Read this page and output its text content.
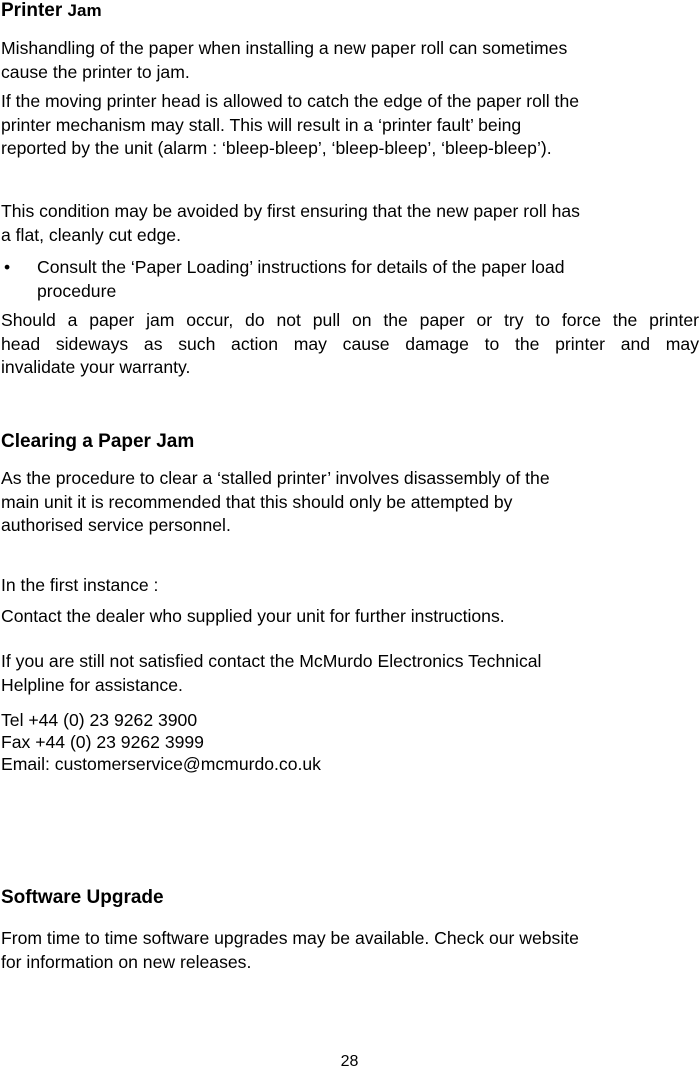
Printer Jam
Mishandling of the paper when installing a new paper roll can sometimes
cause the printer to jam.
If the moving printer head is allowed to catch the edge of the paper roll the
printer mechanism may stall. This will result in a ‘printer fault’ being
reported by the unit (alarm : ‘bleep-bleep’, ‘bleep-bleep’, ‘bleep-bleep’).
This condition may be avoided by first ensuring that the new paper roll has
a flat, cleanly cut edge.
• Consult the ‘Paper Loading’ instructions for details of the paper load
procedure
Should a paper jam occur, do not pull on the paper or try to force the printer
head sideways as such action may cause damage to the printer and may
invalidate your warranty.
Clearing a Paper Jam
As the procedure to clear a ‘stalled printer’ involves disassembly of the
main unit it is recommended that this should only be attempted by
authorised service personnel.
In the first instance :
Contact the dealer who supplied your unit for further instructions.
If you are still not satisfied contact the McMurdo Electronics Technical
Helpline for assistance.
Tel +44 (0) 23 9262 3900
Fax +44 (0) 23 9262 3999
Email: customerservice@mcmurdo.co.uk
Software Upgrade
From time to time software upgrades may be available. Check our website
for information on new releases.
28
